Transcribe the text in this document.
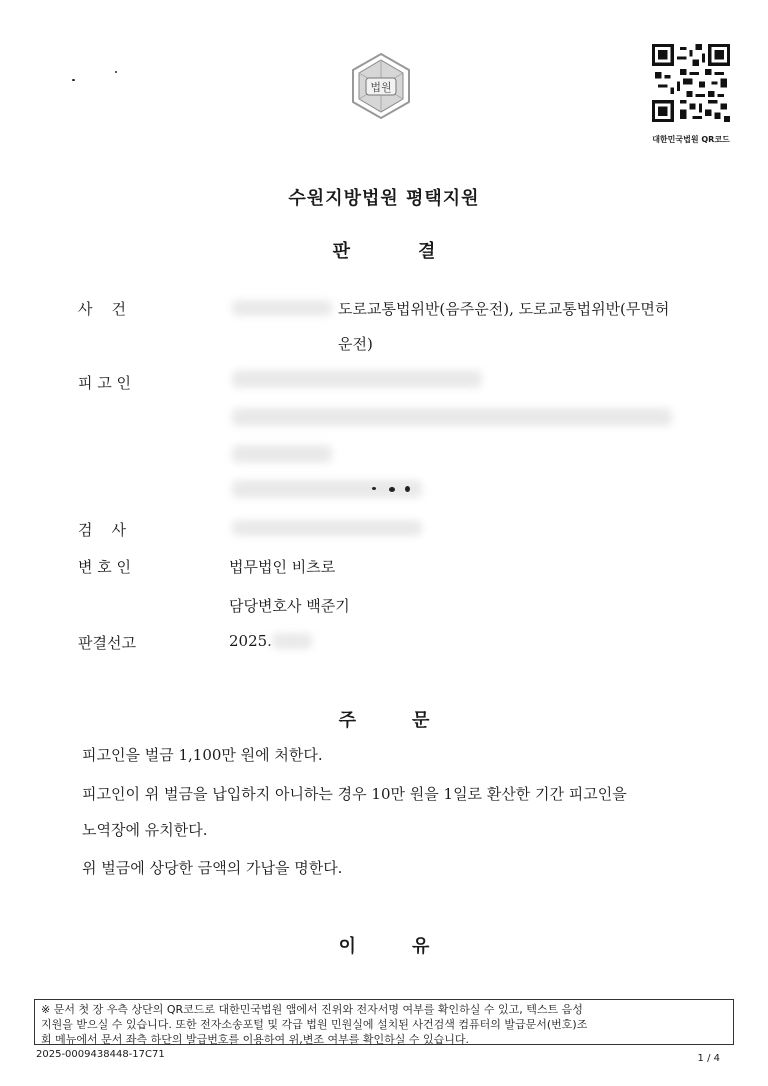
법원
대한민국법원 QR코드
수원지방법원 평택지원
판	결
사    건	도로교통법위반(음주운전), 도로교통법위반(무면허
운전)
피 고 인
검    사
변 호 인	법무법인 비츠로
담당변호사 백준기
판결선고	2025.
주	문
피고인을 벌금 1,100만 원에 처한다.
피고인이 위 벌금을 납입하지 아니하는 경우 10만 원을 1일로 환산한 기간 피고인을
노역장에 유치한다.
위 벌금에 상당한 금액의 가납을 명한다.
이	유
※ 문서 첫 장 우측 상단의 QR코드로 대한민국법원 앱에서 진위와 전자서명 여부를 확인하실 수 있고, 텍스트 음성
지원을 받으실 수 있습니다. 또한 전자소송포털 및 각급 법원 민원실에 설치된 사건검색 컴퓨터의 발급문서(번호)조
회 메뉴에서 문서 좌측 하단의 발급번호를 이용하여 위,변조 여부를 확인하실 수 있습니다.
2025-0009438448-17C71	1 / 4
